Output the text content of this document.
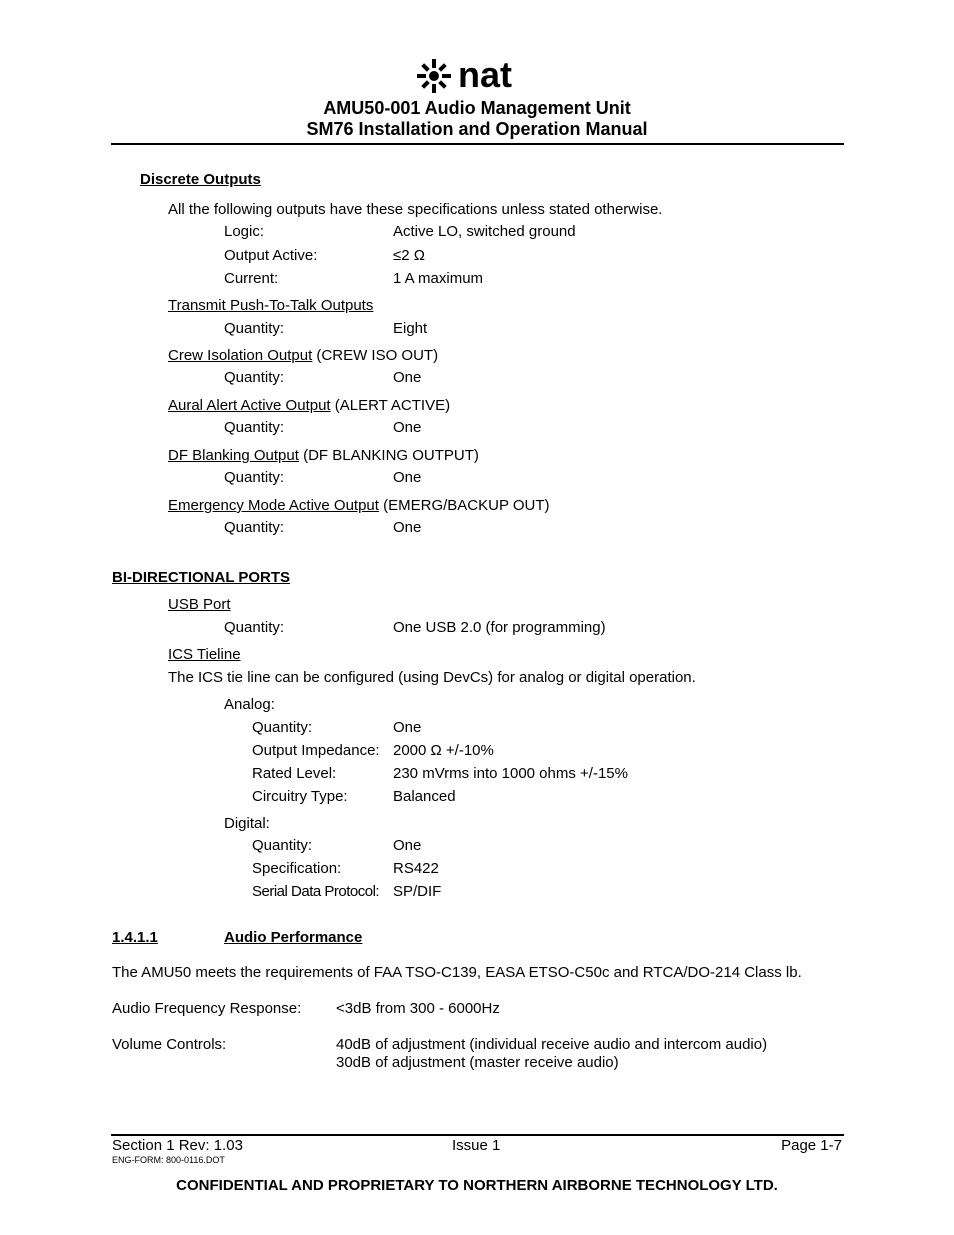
nat
AMU50-001 Audio Management Unit
SM76 Installation and Operation Manual
Discrete Outputs
All the following outputs have these specifications unless stated otherwise.
Logic:	Active LO, switched ground
Output Active:	≤2 Ω
Current:	1 A maximum
Transmit Push-To-Talk Outputs
Quantity:	Eight
Crew Isolation Output (CREW ISO OUT)
Quantity:	One
Aural Alert Active Output (ALERT ACTIVE)
Quantity:	One
DF Blanking Output (DF BLANKING OUTPUT)
Quantity:	One
Emergency Mode Active Output (EMERG/BACKUP OUT)
Quantity:	One
BI-DIRECTIONAL PORTS
USB Port
Quantity:	One USB 2.0 (for programming)
ICS Tieline
The ICS tie line can be configured (using DevCs) for analog or digital operation.
Analog:
Quantity:	One
Output Impedance: 2000 Ω +/-10%
Rated Level:	230 mVrms into 1000 ohms +/-15%
Circuitry Type:	Balanced
Digital:
Quantity:	One
Specification:	RS422
Serial Data Protocol: SP/DIF
1.4.1.1	Audio Performance
The AMU50 meets the requirements of FAA TSO-C139, EASA ETSO-C50c and RTCA/DO-214 Class lb.
Audio Frequency Response: <3dB from 300 - 6000Hz
Volume Controls:	40dB of adjustment (individual receive audio and intercom audio)
30dB of adjustment (master receive audio)
Section 1 Rev: 1.03	Issue 1	Page 1-7
ENG-FORM: 800-0116.DOT
CONFIDENTIAL AND PROPRIETARY TO NORTHERN AIRBORNE TECHNOLOGY LTD.
